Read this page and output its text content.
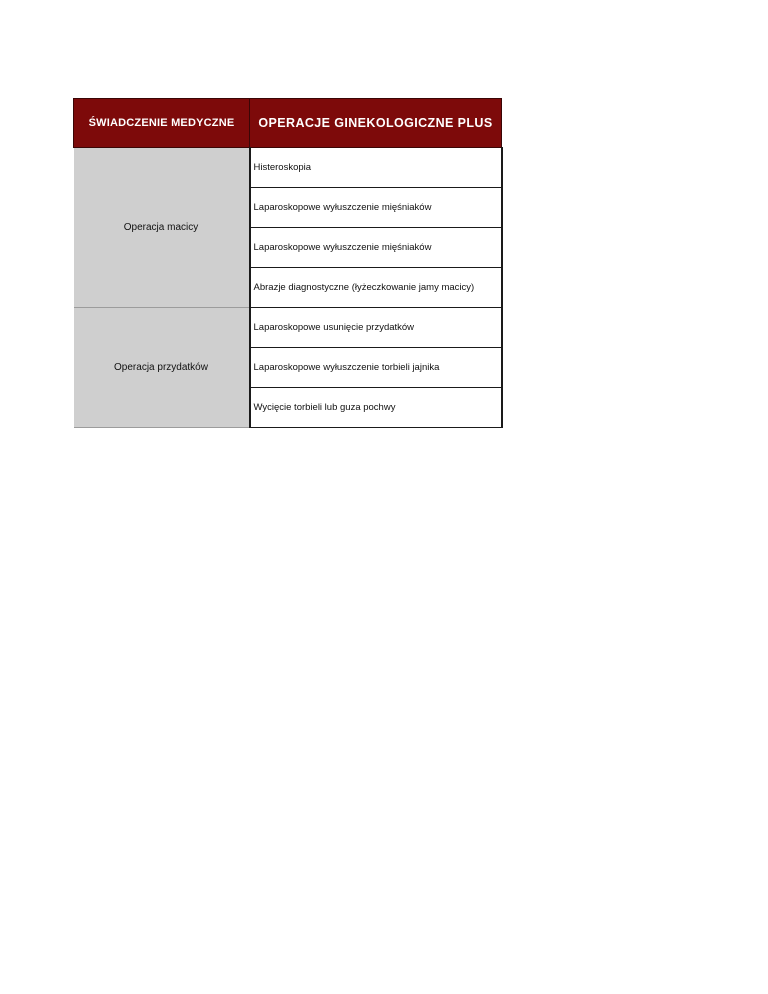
ŚWIADCZENIE MEDYCZNE	OPERACJE GINEKOLOGICZNE PLUS
Operacja macicy	Histeroskopia
	Laparoskopowe wyłuszczenie mięśniaków
	Laparoskopowe wyłuszczenie mięśniaków
	Abrazje diagnostyczne (łyżeczkowanie jamy macicy)
Operacja przydatków	Laparoskopowe usunięcie przydatków
	Laparoskopowe wyłuszczenie torbieli jajnika
	Wycięcie torbieli lub guza pochwy
